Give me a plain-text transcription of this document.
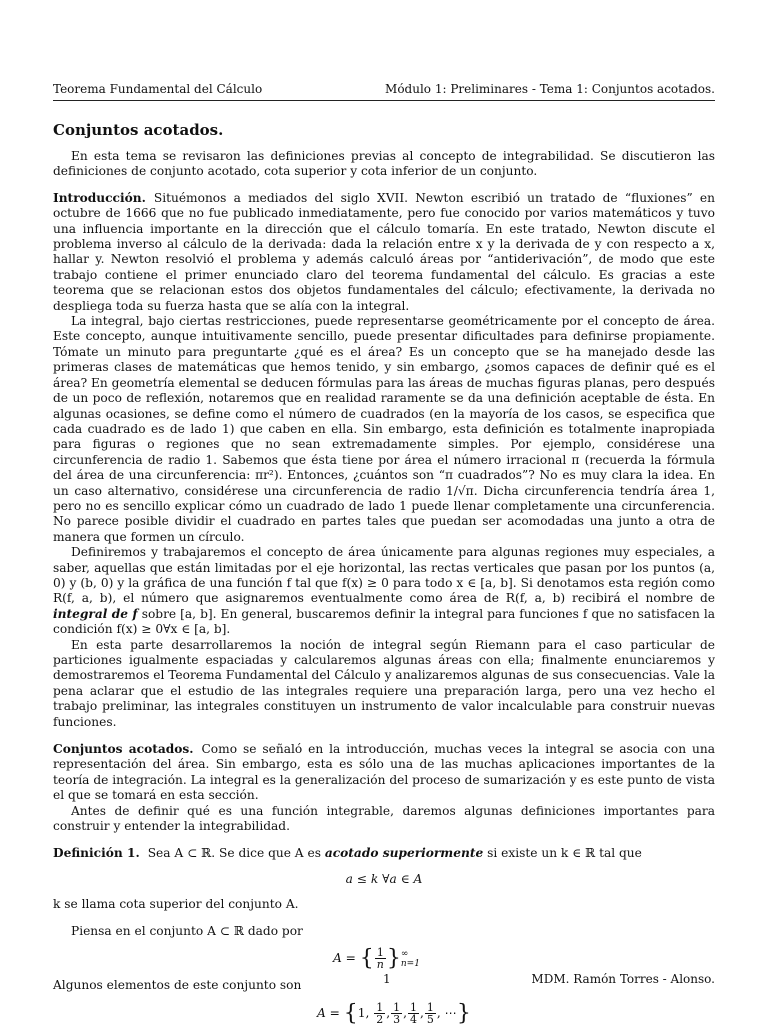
Teorema Fundamental del Cálculo	Módulo 1: Preliminares - Tema 1: Conjuntos acotados.
Conjuntos acotados.

En esta tema se revisaron las definiciones previas al concepto de integrabilidad. Se discutieron las definiciones de conjunto acotado, cota superior y cota inferior de un conjunto.

Introducción. Situémonos a mediados del siglo XVII. Newton escribió un tratado de “fluxiones” en octubre de 1666 que no fue publicado inmediatamente, pero fue conocido por varios matemáticos y tuvo una influencia importante en la dirección que el cálculo tomaría. En este tratado, Newton discute el problema inverso al cálculo de la derivada: dada la relación entre x y la derivada de y con respecto a x, hallar y. Newton resolvió el problema y además calculó áreas por “antiderivación”, de modo que este trabajo contiene el primer enunciado claro del teorema fundamental del cálculo. Es gracias a este teorema que se relacionan estos dos objetos fundamentales del cálculo; efectivamente, la derivada no despliega toda su fuerza hasta que se alía con la integral.

La integral, bajo ciertas restricciones, puede representarse geométricamente por el concepto de área. Este concepto, aunque intuitivamente sencillo, puede presentar dificultades para definirse propiamente. Tómate un minuto para preguntarte ¿qué es el área? Es un concepto que se ha manejado desde las primeras clases de matemáticas que hemos tenido, y sin embargo, ¿somos capaces de definir qué es el área? En geometría elemental se deducen fórmulas para las áreas de muchas figuras planas, pero después de un poco de reflexión, notaremos que en realidad raramente se da una definición aceptable de ésta. En algunas ocasiones, se define como el número de cuadrados (en la mayoría de los casos, se especifica que cada cuadrado es de lado 1) que caben en ella. Sin embargo, esta definición es totalmente inapropiada para figuras o regiones que no sean extremadamente simples. Por ejemplo, considérese una circunferencia de radio 1. Sabemos que ésta tiene por área el número irracional π (recuerda la fórmula del área de una circunferencia: πr²). Entonces, ¿cuántos son “π cuadrados”? No es muy clara la idea. En un caso alternativo, considérese una circunferencia de radio 1/√π. Dicha circunferencia tendría área 1, pero no es sencillo explicar cómo un cuadrado de lado 1 puede llenar completamente una circunferencia. No parece posible dividir el cuadrado en partes tales que puedan ser acomodadas una junto a otra de manera que formen un círculo.

Definiremos y trabajaremos el concepto de área únicamente para algunas regiones muy especiales, a saber, aquellas que están limitadas por el eje horizontal, las rectas verticales que pasan por los puntos (a, 0) y (b, 0) y la gráfica de una función f tal que f(x) ≥ 0 para todo x ∈ [a, b]. Si denotamos esta región como R(f, a, b), el número que asignaremos eventualmente como área de R(f, a, b) recibirá el nombre de integral de f sobre [a, b]. En general, buscaremos definir la integral para funciones f que no satisfacen la condición f(x) ≥ 0∀x ∈ [a, b].

En esta parte desarrollaremos la noción de integral según Riemann para el caso particular de particiones igualmente espaciadas y calcularemos algunas áreas con ella; finalmente enunciaremos y demostraremos el Teorema Fundamental del Cálculo y analizaremos algunas de sus consecuencias. Vale la pena aclarar que el estudio de las integrales requiere una preparación larga, pero una vez hecho el trabajo preliminar, las integrales constituyen un instrumento de valor incalculable para construir nuevas funciones.

Conjuntos acotados. Como se señaló en la introducción, muchas veces la integral se asocia con una representación del área. Sin embargo, esta es sólo una de las muchas aplicaciones importantes de la teoría de integración. La integral es la generalización del proceso de sumarización y es este punto de vista el que se tomará en esta sección.

Antes de definir qué es una función integrable, daremos algunas definiciones importantes para construir y entender la integrabilidad.

Definición 1. Sea A ⊂ ℝ. Se dice que A es acotado superiormente si existe un k ∈ ℝ tal que

a ≤ k ∀a ∈ A

k se llama cota superior del conjunto A.

Piensa en el conjunto A ⊂ ℝ dado por

A = { $\frac{1}{n}$ } ∞
n=1

Algunos elementos de este conjunto son

A = {1, $\frac{1}{2}$ , $\frac{1}{3}$ , $\frac{1}{4}$ , $\frac{1}{5}$ , ⋯}
1	MDM. Ramón Torres - Alonso.
